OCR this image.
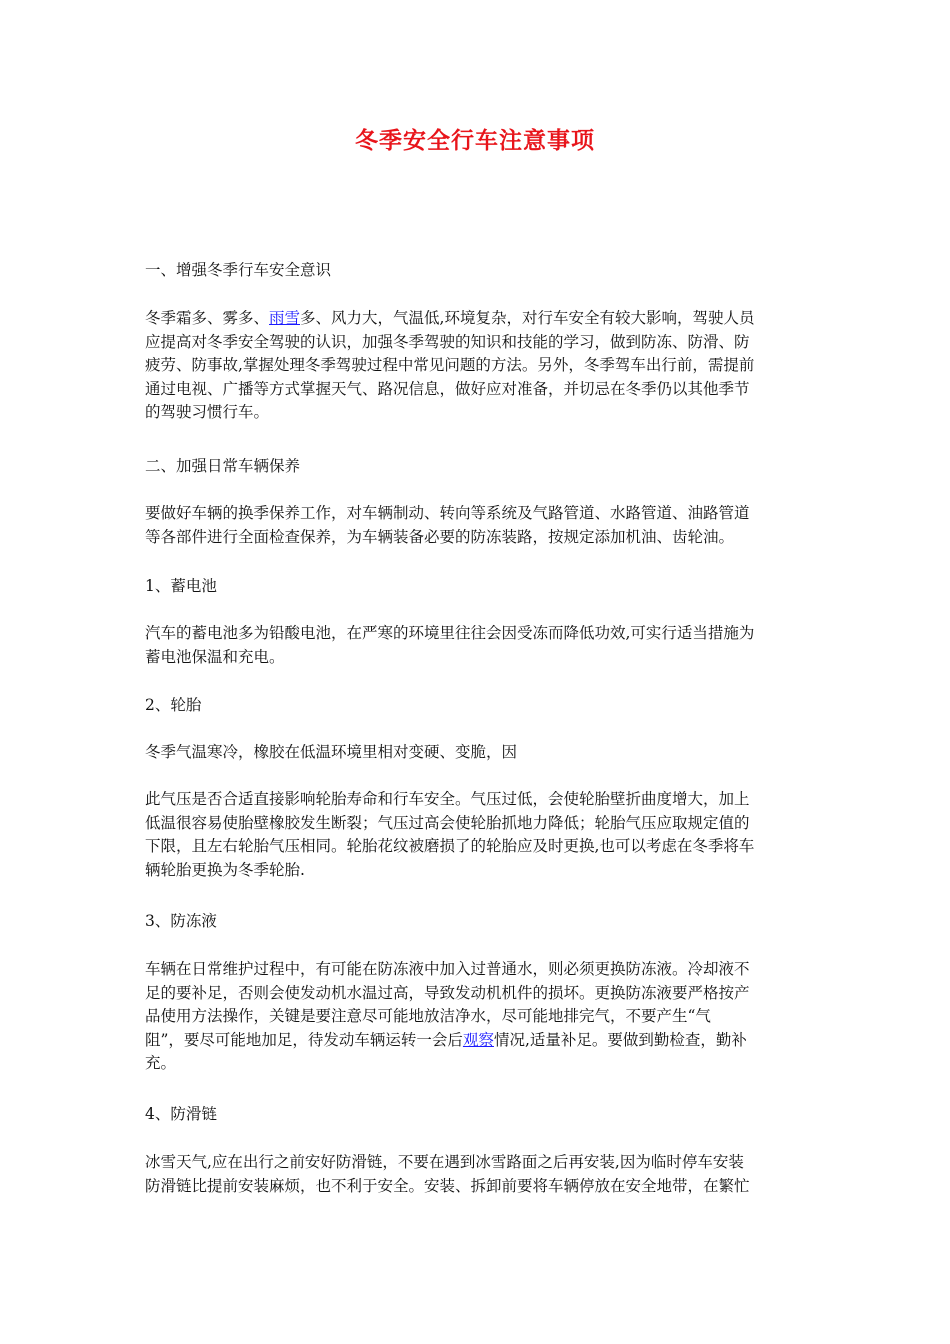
冬季安全行车注意事项

一、增强冬季行车安全意识

冬季霜多、雾多、雨雪多、风力大，气温低,环境复杂，对行车安全有较大影响，驾驶人员
应提高对冬季安全驾驶的认识，加强冬季驾驶的知识和技能的学习，做到防冻、防滑、防
疲劳、防事故,掌握处理冬季驾驶过程中常见问题的方法。另外，冬季驾车出行前，需提前
通过电视、广播等方式掌握天气、路况信息，做好应对准备，并切忌在冬季仍以其他季节
的驾驶习惯行车。

二、加强日常车辆保养

要做好车辆的换季保养工作，对车辆制动、转向等系统及气路管道、水路管道、油路管道
等各部件进行全面检查保养，为车辆装备必要的防冻装路，按规定添加机油、齿轮油。

1、蓄电池

汽车的蓄电池多为铅酸电池，在严寒的环境里往往会因受冻而降低功效,可实行适当措施为
蓄电池保温和充电。

2、轮胎

冬季气温寒冷，橡胶在低温环境里相对变硬、变脆，因

此气压是否合适直接影响轮胎寿命和行车安全。气压过低，会使轮胎壁折曲度增大，加上
低温很容易使胎壁橡胶发生断裂；气压过高会使轮胎抓地力降低；轮胎气压应取规定值的
下限，且左右轮胎气压相同。轮胎花纹被磨损了的轮胎应及时更换,也可以考虑在冬季将车
辆轮胎更换为冬季轮胎.

3、防冻液

车辆在日常维护过程中，有可能在防冻液中加入过普通水，则必须更换防冻液。冷却液不
足的要补足，否则会使发动机水温过高，导致发动机机件的损坏。更换防冻液要严格按产
品使用方法操作，关键是要注意尽可能地放洁净水，尽可能地排完气，不要产生“气
阻”，要尽可能地加足，待发动车辆运转一会后观察情况,适量补足。要做到勤检查，勤补
充。

4、防滑链

冰雪天气,应在出行之前安好防滑链，不要在遇到冰雪路面之后再安装,因为临时停车安装
防滑链比提前安装麻烦，也不利于安全。安装、拆卸前要将车辆停放在安全地带，在繁忙
